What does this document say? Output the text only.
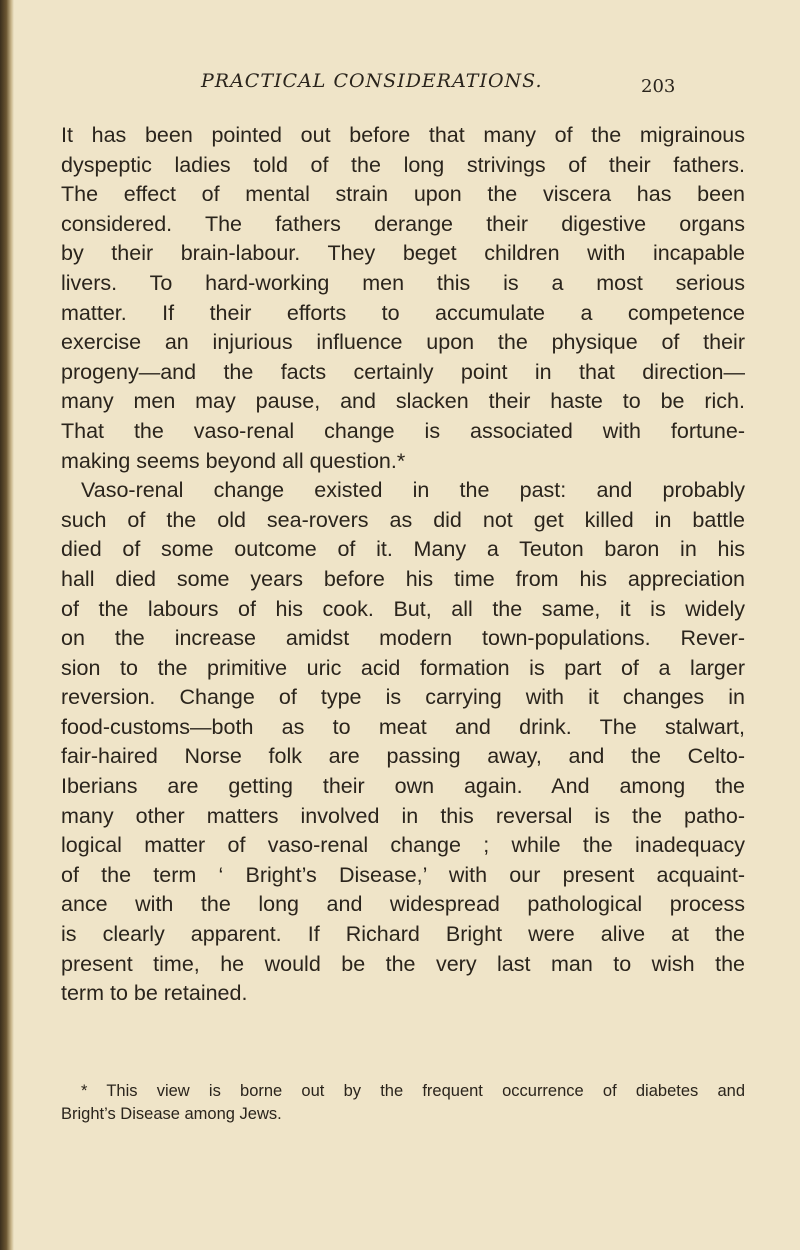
PRACTICAL CONSIDERATIONS.	203
It has been pointed out before that many of the migrainous
dyspeptic ladies told of the long strivings of their fathers.
The effect of mental strain upon the viscera has been
considered. The fathers derange their digestive organs
by their brain-labour. They beget children with incapable
livers. To hard-working men this is a most serious
matter. If their efforts to accumulate a competence
exercise an injurious influence upon the physique of their
progeny—and the facts certainly point in that direction—
many men may pause, and slacken their haste to be rich.
That the vaso-renal change is associated with fortune-
making seems beyond all question.*
Vaso-renal change existed in the past: and probably
such of the old sea-rovers as did not get killed in battle
died of some outcome of it. Many a Teuton baron in his
hall died some years before his time from his appreciation
of the labours of his cook. But, all the same, it is widely
on the increase amidst modern town-populations. Rever-
sion to the primitive uric acid formation is part of a larger
reversion. Change of type is carrying with it changes in
food-customs—both as to meat and drink. The stalwart,
fair-haired Norse folk are passing away, and the Celto-
Iberians are getting their own again. And among the
many other matters involved in this reversal is the patho-
logical matter of vaso-renal change ; while the inadequacy
of the term ‘ Bright’s Disease,’ with our present acquaint-
ance with the long and widespread pathological process
is clearly apparent. If Richard Bright were alive at the
present time, he would be the very last man to wish the
term to be retained.
* This view is borne out by the frequent occurrence of diabetes and
Bright’s Disease among Jews.
